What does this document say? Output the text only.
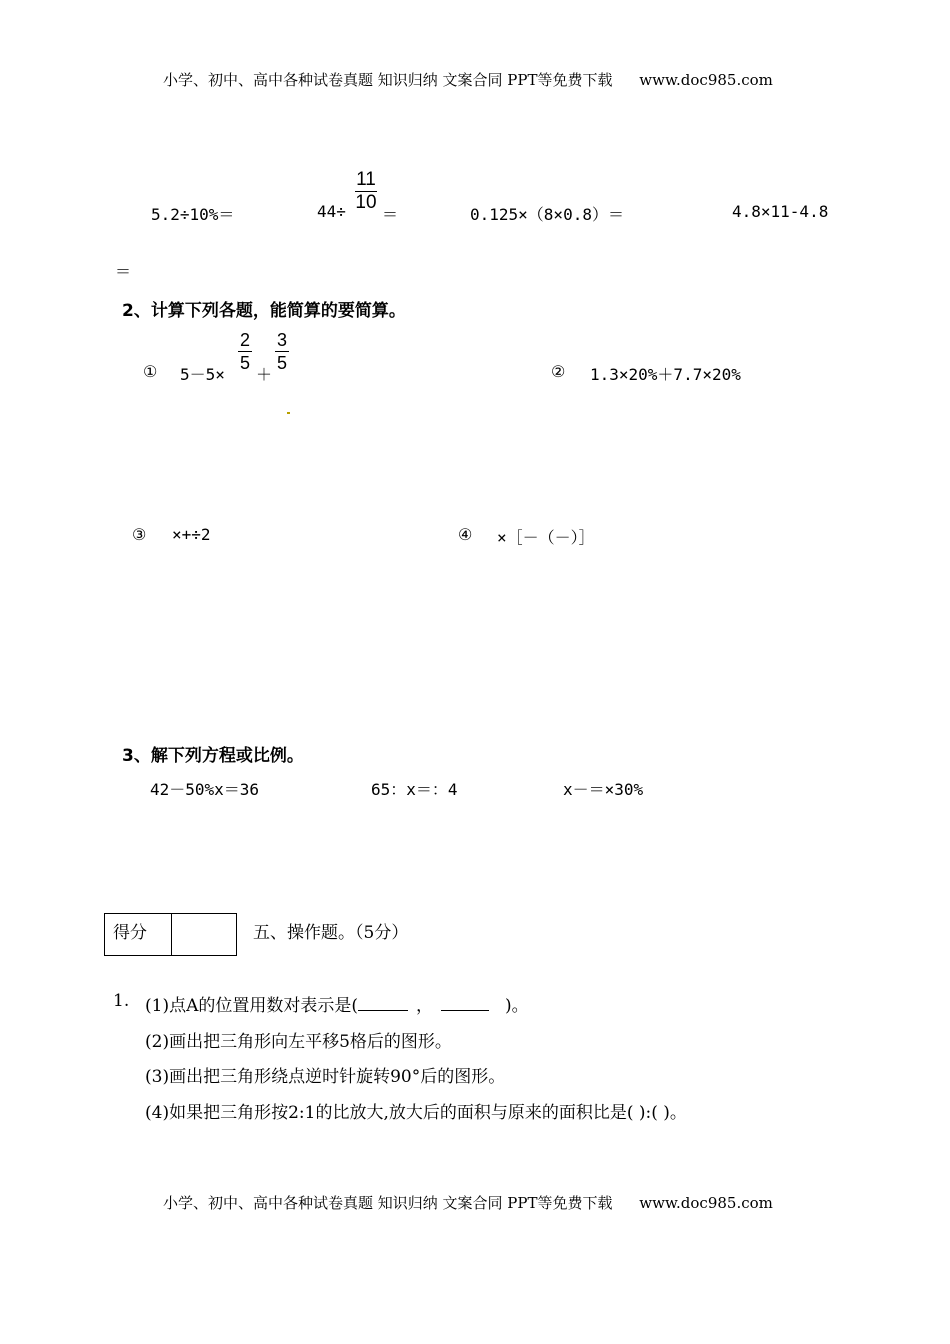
小学、初中、高中各种试卷真题 知识归纳 文案合同 PPT等免费下载 www.doc985.com
5.2÷10%＝	44÷
11
10
＝	0.125×（8×0.8）＝	4.8×11-4.8
＝
2、计算下列各题，能简算的要简算。
① 5－5×
2
5
＋
3
5	② 1.3×20%＋7.7×20%
③ ×+÷2	④ ×［－（－）］
3、解下列方程或比例。
42－50%x＝36	65：x＝：4	x－＝×30%
得分	五、操作题。（5分）
1. (1)点A的位置用数对表示是(	，	)。
(2)画出把三角形向左平移5格后的图形。
(3)画出把三角形绕点逆时针旋转90°后的图形。
(4)如果把三角形按2:1的比放大,放大后的面积与原来的面积比是( ):( )。
小学、初中、高中各种试卷真题 知识归纳 文案合同 PPT等免费下载 www.doc985.com
